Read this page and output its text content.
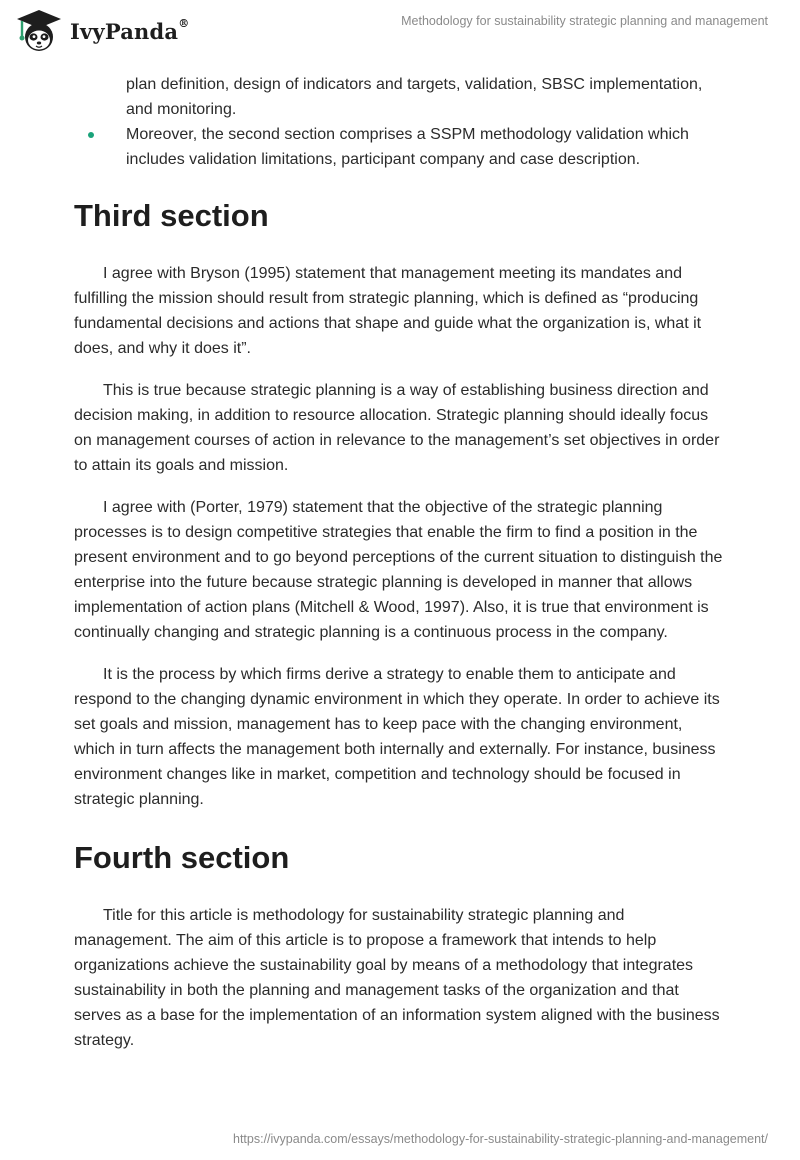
IvyPanda®	Methodology for sustainability strategic planning and management
plan definition, design of indicators and targets, validation, SBSC implementation, and monitoring.
Moreover, the second section comprises a SSPM methodology validation which includes validation limitations, participant company and case description.
Third section

I agree with Bryson (1995) statement that management meeting its mandates and fulfilling the mission should result from strategic planning, which is defined as “producing fundamental decisions and actions that shape and guide what the organization is, what it does, and why it does it”.

This is true because strategic planning is a way of establishing business direction and decision making, in addition to resource allocation. Strategic planning should ideally focus on management courses of action in relevance to the management’s set objectives in order to attain its goals and mission.

I agree with (Porter, 1979) statement that the objective of the strategic planning processes is to design competitive strategies that enable the firm to find a position in the present environment and to go beyond perceptions of the current situation to distinguish the enterprise into the future because strategic planning is developed in manner that allows implementation of action plans (Mitchell & Wood, 1997). Also, it is true that environment is continually changing and strategic planning is a continuous process in the company.

It is the process by which firms derive a strategy to enable them to anticipate and respond to the changing dynamic environment in which they operate. In order to achieve its set goals and mission, management has to keep pace with the changing environment, which in turn affects the management both internally and externally. For instance, business environment changes like in market, competition and technology should be focused in strategic planning.

Fourth section

Title for this article is methodology for sustainability strategic planning and management. The aim of this article is to propose a framework that intends to help organizations achieve the sustainability goal by means of a methodology that integrates sustainability in both the planning and management tasks of the organization and that serves as a base for the implementation of an information system aligned with the business strategy.

https://ivypanda.com/essays/methodology-for-sustainability-strategic-planning-and-management/
